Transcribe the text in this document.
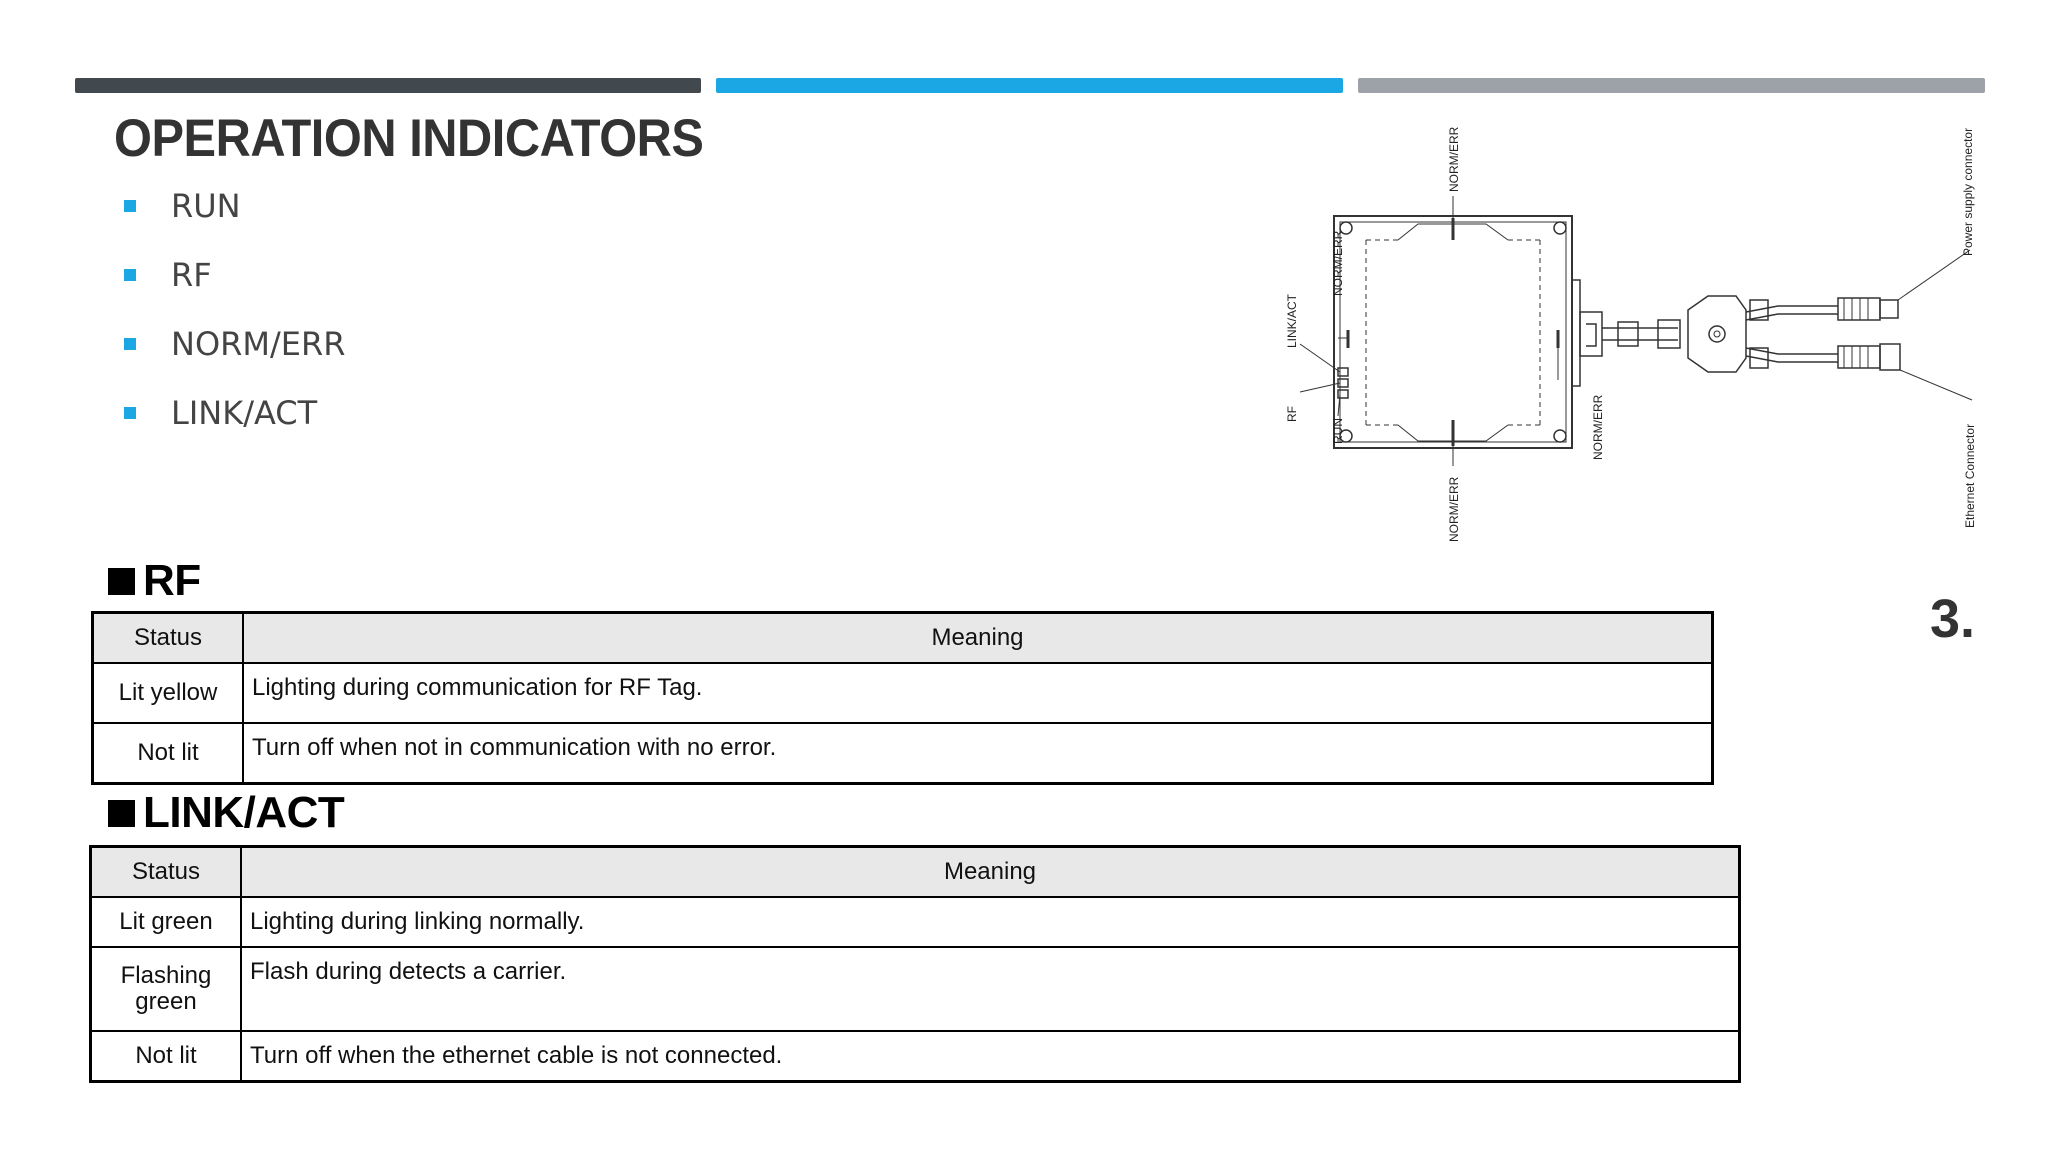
OPERATION INDICATORS
RUN
RF
NORM/ERR
LINK/ACT
NORM/ERR
NORM/ERR
LINK/ACT
RF
RUN
NORM/ERR
NORM/ERR
Power supply connector
Ethernet Connector
3.
RF
Status	Meaning
Lit yellow	Lighting during communication for RF Tag.
Not lit	Turn off when not in communication with no error.
LINK/ACT
Status	Meaning
Lit green	Lighting during linking normally.
Flashing green	Flash during detects a carrier.
Not lit	Turn off when the ethernet cable is not connected.
